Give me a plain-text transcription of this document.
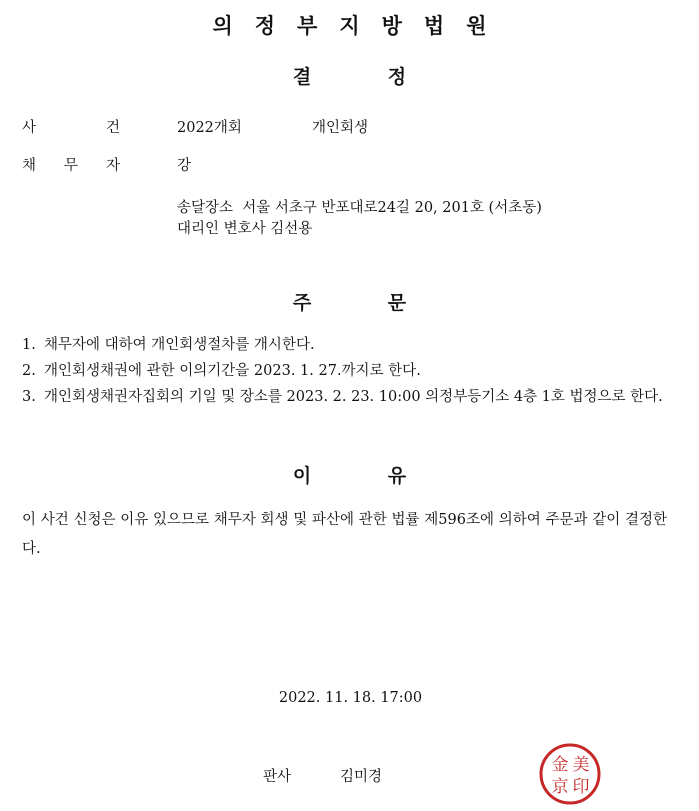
의정부지방법원
결 정
사	건	2022개회	개인회생
채 무 자	강
송달장소  서울 서초구 반포대로24길 20, 201호 (서초동)
대리인 변호사 김선용
주 문
1. 채무자에 대하여 개인회생절차를 개시한다.
2. 개인회생채권에 관한 이의기간을 2023. 1. 27.까지로 한다.
3. 개인회생채권자집회의 기일 및 장소를 2023. 2. 23. 10:00 의정부등기소 4층 1호 법정으로 한다.
이 유
이 사건 신청은 이유 있으므로 채무자 회생 및 파산에 관한 법률 제596조에 의하여 주문과 같이 결정한다.
2022. 11. 18. 17:00
판사	김미경
金 美
京 印
